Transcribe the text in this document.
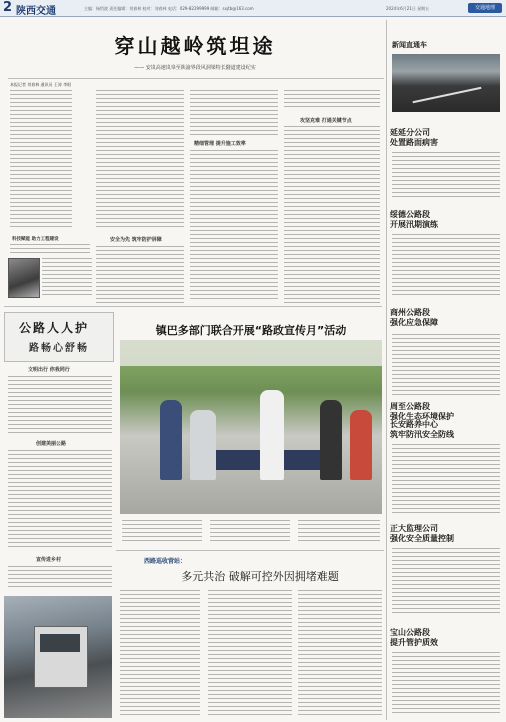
2 陕西交通	主编：杨绍波 责任编辑：刘春林 校对：刘春林 电话：029-82299999 邮箱：sxjtb@163.com	2024年6月21日 星期五	交通地理
穿山越岭筑坦途
—— 安岚高速岚皋至陕渝界段风洞梁特长隧道建设纪实
本报记者 刘春林 通讯员 王涛 李阳
攻坚克难 打通关键节点
精细管理 提升施工效率
安全为先 筑牢防护屏障
科技赋能 助力工程建设
新闻直通车
延延分公司
处置路面病害
绥德公路段
开展汛期演练
商州公路段
强化应急保障
周至公路段
强化生态环境保护
长安路养中心
筑牢防汛安全防线
正大监理公司
强化安全质量控制
宝山公路段
提升管护质效
公路人人护
路畅心舒畅
文明出行 你我同行
创建美丽公路
宣传进乡村
镇巴多部门联合开展“路政宣传月”活动
西路巡收营站：
多元共治 破解可控外因拥堵难题
